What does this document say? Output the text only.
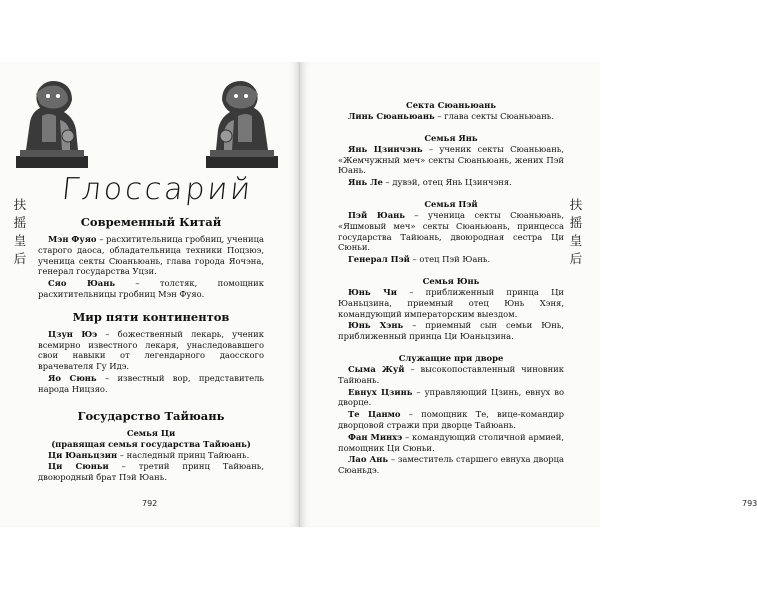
Глоссарий
Современный Китай

Мэн Фуяо – расхитительница гробниц, ученица старого даоса, обладательница техники Поцзюэ, ученица секты Сюаньюань, глава города Яочэна, генерал государства Уцзи.

Сяо Юань – толстяк, помощник расхитительницы гробниц Мэн Фуяо.

Мир пяти континентов

Цзун Юэ – божественный лекарь, ученик всемирно известного лекаря, унаследовавшего свои навыки от легендарного даосского врачевателя Гу Идэ.

Яо Сюнь – известный вор, представитель народа Ницзяо.

Государство Тайюань
Семья Ци
(правящая семья государства Тайюань)

Ци Юаньцзин – наследный принц Тайюань.

Ци Сюньи – третий принц Тайюань, двоюродный брат Пэй Юань.

792
Секта Сюаньюань

Линь Сюаньюань – глава секты Сюаньюань.

Семья Янь

Янь Цзинчэнь – ученик секты Сюаньюань, «Жемчужный меч» секты Сюаньюань, жених Пэй Юань.

Янь Ле – дувэй, отец Янь Цзинчэня.

Семья Пэй

Пэй Юань – ученица секты Сюаньюань, «Яшмовый меч» секты Сюаньюань, принцесса государства Тайюань, двоюродная сестра Ци Сюньи.

Генерал Пэй – отец Пэй Юань.

Семья Юнь

Юнь Чи – приближенный принца Ци Юаньцзина, приемный отец Юнь Хэня, командующий императорским выездом.

Юнь Хэнь – приемный сын семьи Юнь, приближенный принца Ци Юаньцзина.

Служащие при дворе

Сыма Жуй – высокопоставленный чиновник Тайюань.

Евнух Цзинь – управляющий Цзинь, евнух во дворце.

Те Цанмо – помощник Те, вице-командир дворцовой стражи при дворце Тайюань.

Фан Минхэ – командующий столичной армией, помощник Ци Сюньи.

Лао Ань – заместитель старшего евнуха дворца Сюаньдэ.

793
扶摇皇后
扶摇皇后
